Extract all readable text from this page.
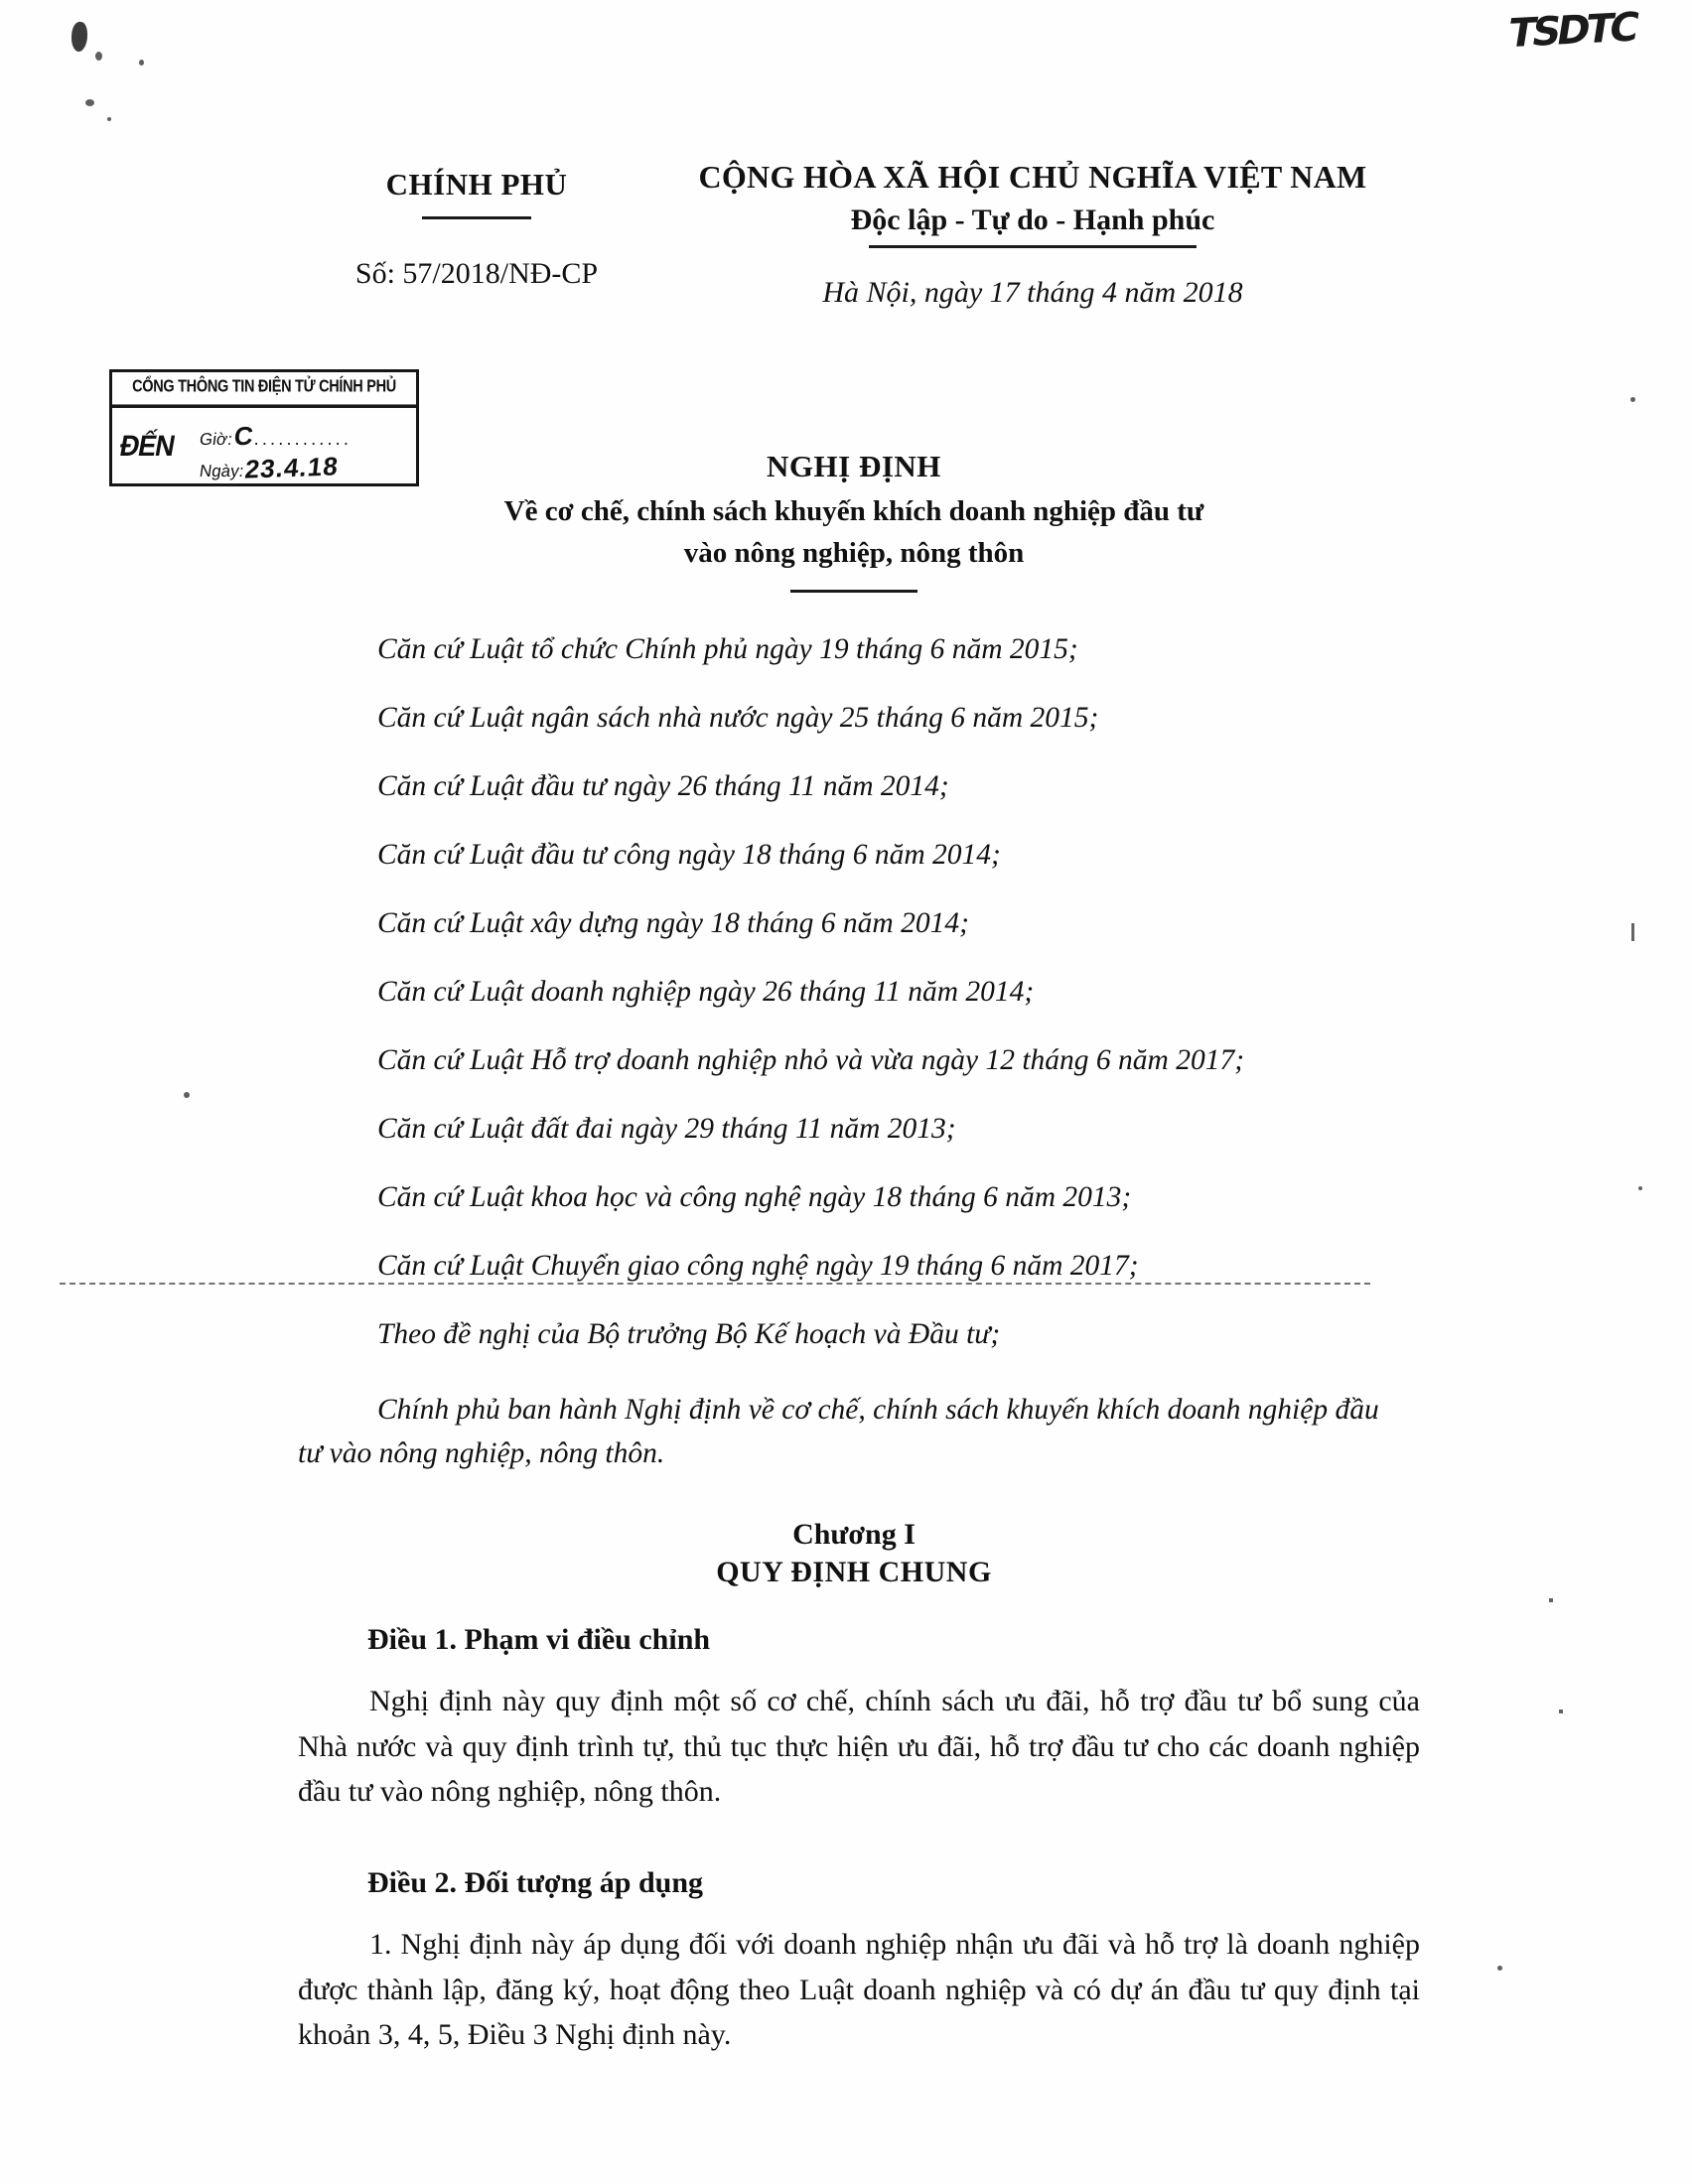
TSDTC
CHÍNH PHỦ
Số: 57/2018/NĐ-CP
CỘNG HÒA XÃ HỘI CHỦ NGHĨA VIỆT NAM
Độc lập - Tự do - Hạnh phúc
Hà Nội, ngày 17 tháng 4 năm 2018
CỔNG THÔNG TIN ĐIỆN TỬ CHÍNH PHỦ
ĐẾN Giờ:C............
Ngày:23.4.18	NGHỊ ĐỊNH
Về cơ chế, chính sách khuyến khích doanh nghiệp đầu tư
vào nông nghiệp, nông thôn
Căn cứ Luật tổ chức Chính phủ ngày 19 tháng 6 năm 2015;
Căn cứ Luật ngân sách nhà nước ngày 25 tháng 6 năm 2015;
Căn cứ Luật đầu tư ngày 26 tháng 11 năm 2014;
Căn cứ Luật đầu tư công ngày 18 tháng 6 năm 2014;
Căn cứ Luật xây dựng ngày 18 tháng 6 năm 2014;
Căn cứ Luật doanh nghiệp ngày 26 tháng 11 năm 2014;
Căn cứ Luật Hỗ trợ doanh nghiệp nhỏ và vừa ngày 12 tháng 6 năm 2017;
Căn cứ Luật đất đai ngày 29 tháng 11 năm 2013;
Căn cứ Luật khoa học và công nghệ ngày 18 tháng 6 năm 2013;
Căn cứ Luật Chuyển giao công nghệ ngày 19 tháng 6 năm 2017;
Theo đề nghị của Bộ trưởng Bộ Kế hoạch và Đầu tư;
Chính phủ ban hành Nghị định về cơ chế, chính sách khuyến khích doanh nghiệp đầu tư vào nông nghiệp, nông thôn.
Chương I
QUY ĐỊNH CHUNG
Điều 1. Phạm vi điều chỉnh
Nghị định này quy định một số cơ chế, chính sách ưu đãi, hỗ trợ đầu tư bổ sung của Nhà nước và quy định trình tự, thủ tục thực hiện ưu đãi, hỗ trợ đầu tư cho các doanh nghiệp đầu tư vào nông nghiệp, nông thôn.
Điều 2. Đối tượng áp dụng
1. Nghị định này áp dụng đối với doanh nghiệp nhận ưu đãi và hỗ trợ là doanh nghiệp được thành lập, đăng ký, hoạt động theo Luật doanh nghiệp và có dự án đầu tư quy định tại khoản 3, 4, 5, Điều 3 Nghị định này.
